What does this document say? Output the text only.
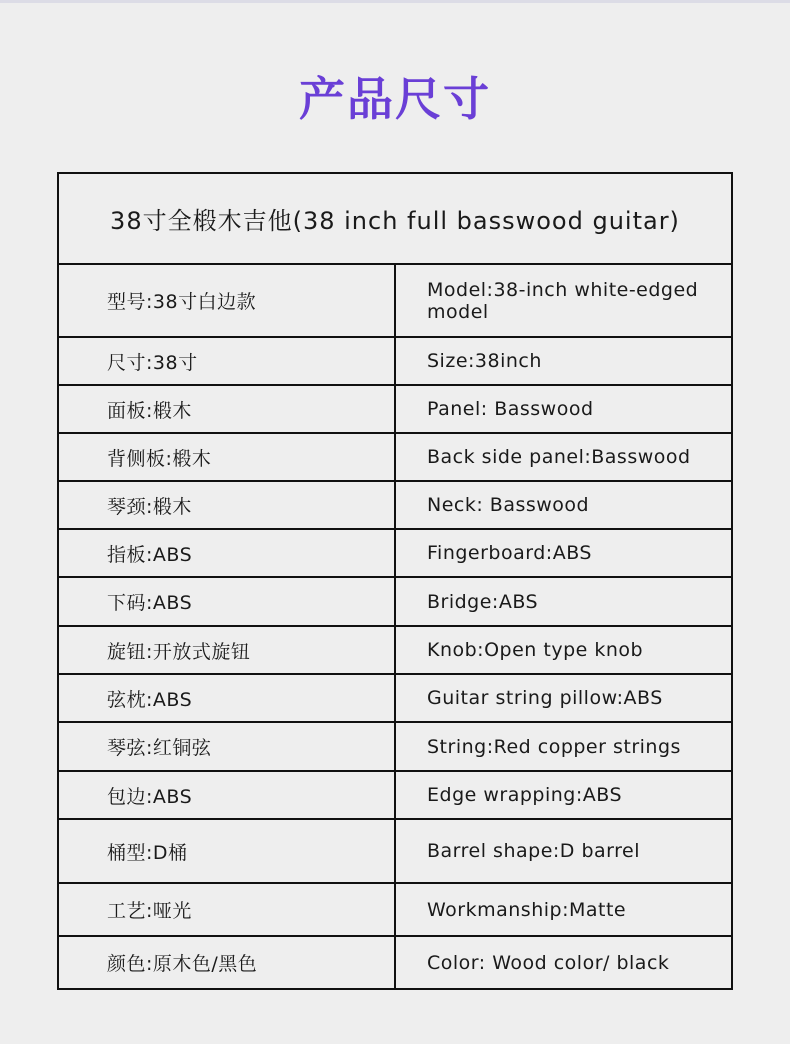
产品尺寸
38寸全椴木吉他(38 inch full basswood guitar)	
型号:38寸白边款	Model:38-inch white-edged model
尺寸:38寸	Size:38inch
面板:椴木	Panel: Basswood
背侧板:椴木	Back side panel:Basswood
琴颈:椴木	Neck: Basswood
指板:ABS	Fingerboard:ABS
下码:ABS	Bridge:ABS
旋钮:开放式旋钮	Knob:Open type knob
弦枕:ABS	Guitar string pillow:ABS
琴弦:红铜弦	String:Red copper strings
包边:ABS	Edge wrapping:ABS
桶型:D桶	Barrel shape:D barrel
工艺:哑光	Workmanship:Matte
颜色:原木色/黑色	Color: Wood color/ black
